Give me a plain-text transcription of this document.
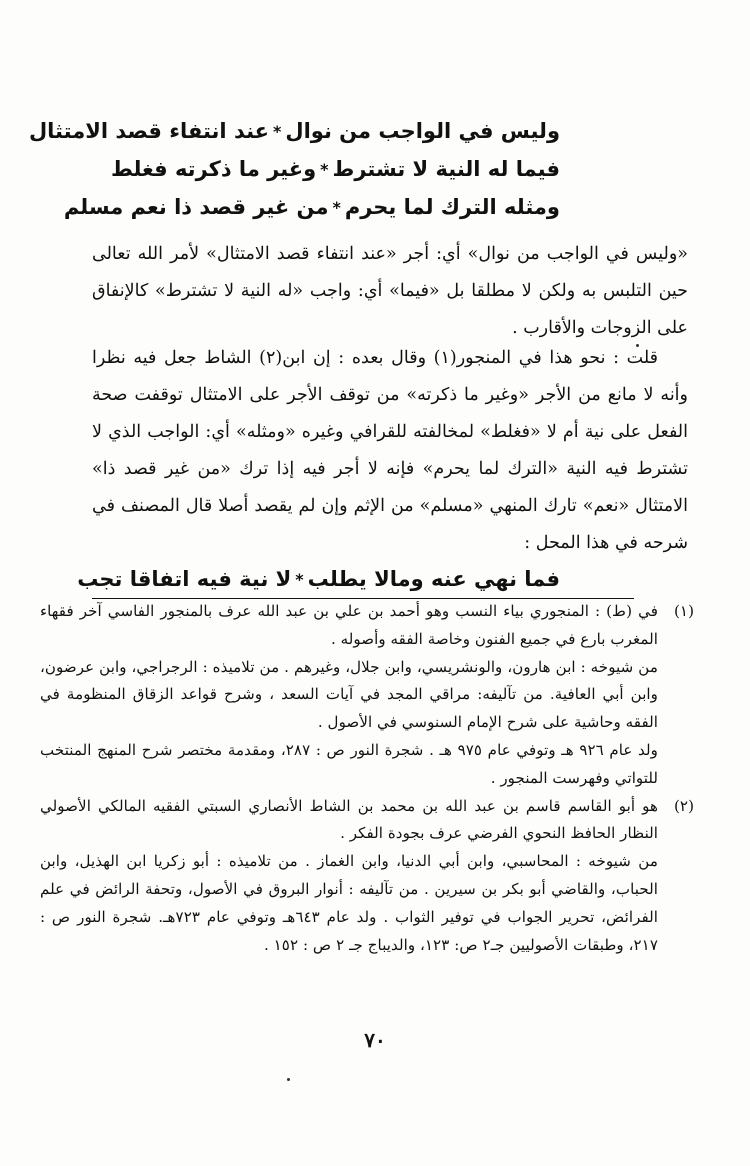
وليس في الواجب من نوال
*
عند انتفاء قصد الامتثال
فيما له النية لا تشترط
*
وغير ما ذكرته فغلط
ومثله الترك لما يحرم
*
من غير قصد ذا نعم مسلم
«وليس في الواجب من نوال» أي: أجر «عند انتفاء قصد الامتثال» لأمر الله تعالى حين التلبس به ولكن لا مطلقا بل «فيما» أي: واجب «له النية لا تشترط» كالإنفاق على الزوجات والأقارب .
قلت : نحو هذا في المنجور(١) وقال بعده : إن ابن(٢) الشاط جعل فيه نظرا وأنه لا مانع من الأجر «وغير ما ذكرته» من توقف الأجر على الامتثال توقفت صحة الفعل على نية أم لا «فغلط» لمخالفته للقرافي وغيره «ومثله» أي: الواجب الذي لا تشترط فيه النية «الترك لما يحرم» فإنه لا أجر فيه إذا ترك «من غير قصد ذا» الامتثال «نعم» تارك المنهي «مسلم» من الإثم وإن لم يقصد أصلا قال المصنف في شرحه في هذا المحل :
فما نهي عنه ومالا يطلب
*
لا نية فيه اتفاقا تجب
(١)

في (ط) : المنجوري بياء النسب وهو أحمد بن علي بن عبد الله عرف بالمنجور الفاسي آخر فقهاء المغرب بارع في جميع الفنون وخاصة الفقه وأصوله .

من شيوخه : ابن هارون، والونشريسي، وابن جلال، وغيرهم . من تلاميذه : الرجراجي، وابن عرضون، وابن أبي العافية. من تآليفه: مراقي المجد في آيات السعد ، وشرح قواعد الزقاق المنظومة في الفقه وحاشية على شرح الإمام السنوسي في الأصول .

ولد عام ٩٢٦ هـ وتوفي عام ٩٧٥ هـ . شجرة النور ص : ٢٨٧، ومقدمة مختصر شرح المنهج المنتخب للتواتي وفهرست المنجور .

(٢)

هو أبو القاسم قاسم بن عبد الله بن محمد بن الشاط الأنصاري السبتي الفقيه المالكي الأصولي النظار الحافظ النحوي الفرضي عرف بجودة الفكر .

من شيوخه : المحاسبي، وابن أبي الدنيا، وابن الغماز . من تلاميذه : أبو زكريا ابن الهذيل، وابن الحباب، والقاضي أبو بكر بن سيرين . من تآليفه : أنوار البروق في الأصول، وتحفة الرائض في علم الفرائض، تحرير الجواب في توفير الثواب . ولد عام ٦٤٣هـ وتوفي عام ٧٢٣هـ. شجرة النور ص : ٢١٧، وطبقات الأصوليين جـ٢ ص: ١٢٣، والديباج جـ ٢ ص : ١٥٢ .

٧٠
